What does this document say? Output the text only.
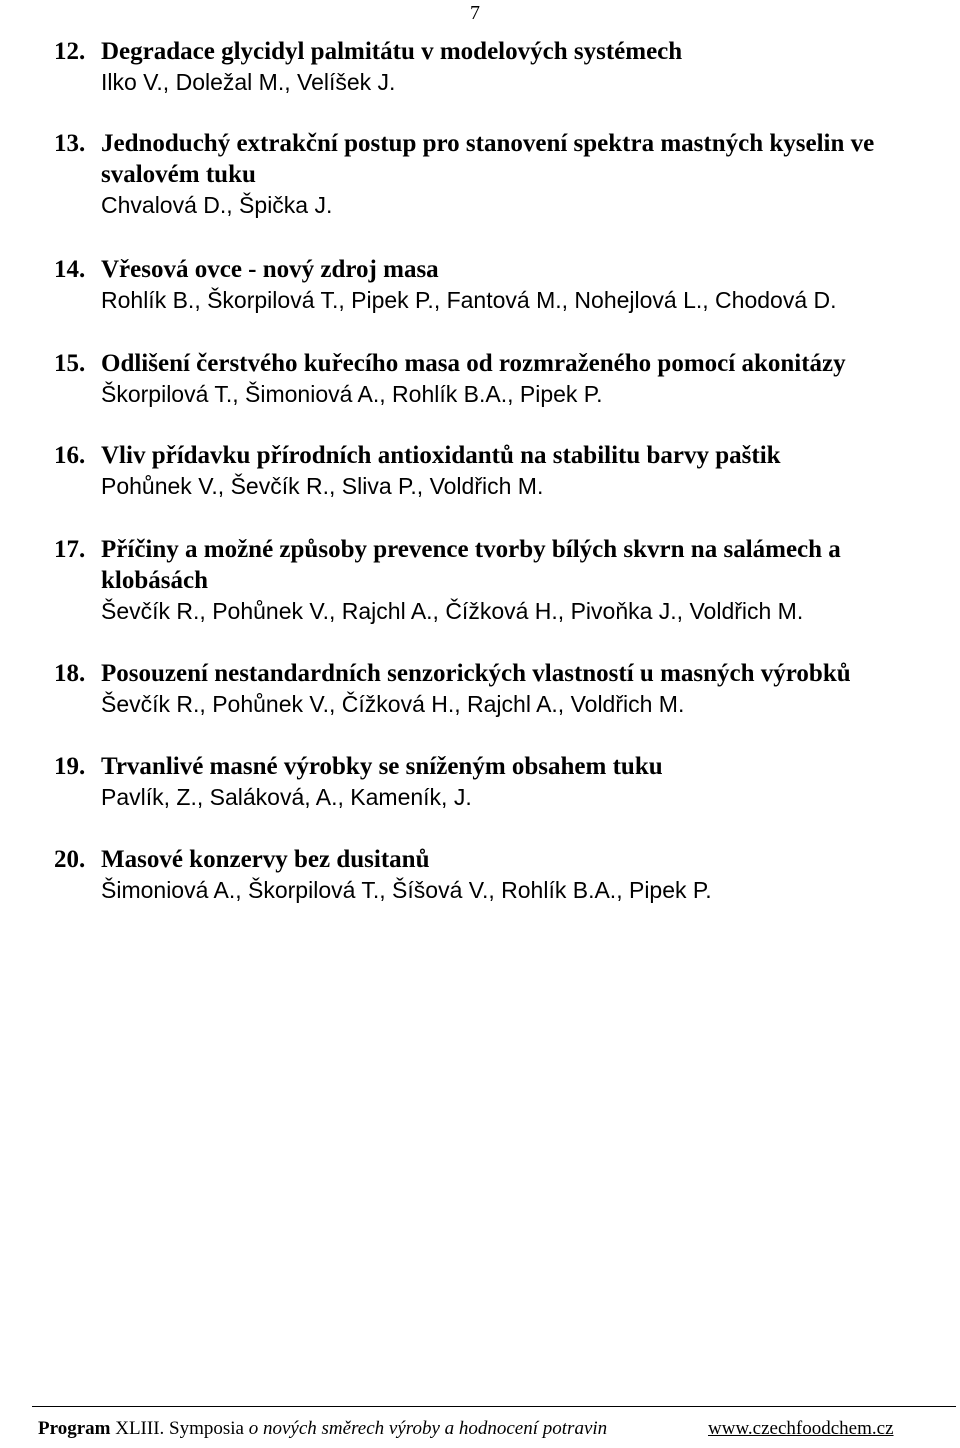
7
12. Degradace glycidyl palmitátu v modelových systémech
Ilko V., Doležal M., Velíšek J.
13. Jednoduchý extrakční postup pro stanovení spektra mastných kyselin ve svalovém tuku
Chvalová D., Špička J.
14. Vřesová ovce - nový zdroj masa
Rohlík B., Škorpilová T., Pipek P., Fantová M., Nohejlová L., Chodová D.
15. Odlišení čerstvého kuřecího masa od rozmraženého pomocí akonitázy
Škorpilová T., Šimoniová A., Rohlík B.A., Pipek P.
16. Vliv přídavku přírodních antioxidantů na stabilitu barvy paštik
Pohůnek V., Ševčík R., Sliva P., Voldřich M.
17. Příčiny a možné způsoby prevence tvorby bílých skvrn na salámech a klobásách
Ševčík R., Pohůnek V., Rajchl A., Čížková H., Pivoňka J., Voldřich M.
18. Posouzení nestandardních senzorických vlastností u masných výrobků
Ševčík R., Pohůnek V., Čížková H., Rajchl A., Voldřich M.
19. Trvanlivé masné výrobky se sníženým obsahem tuku
Pavlík, Z., Saláková, A., Kameník, J.
20. Masové konzervy bez dusitanů
Šimoniová A., Škorpilová T., Šíšová V., Rohlík B.A., Pipek P.
Program XLIII. Symposia o nových směrech výroby a hodnocení potravin	www.czechfoodchem.cz
